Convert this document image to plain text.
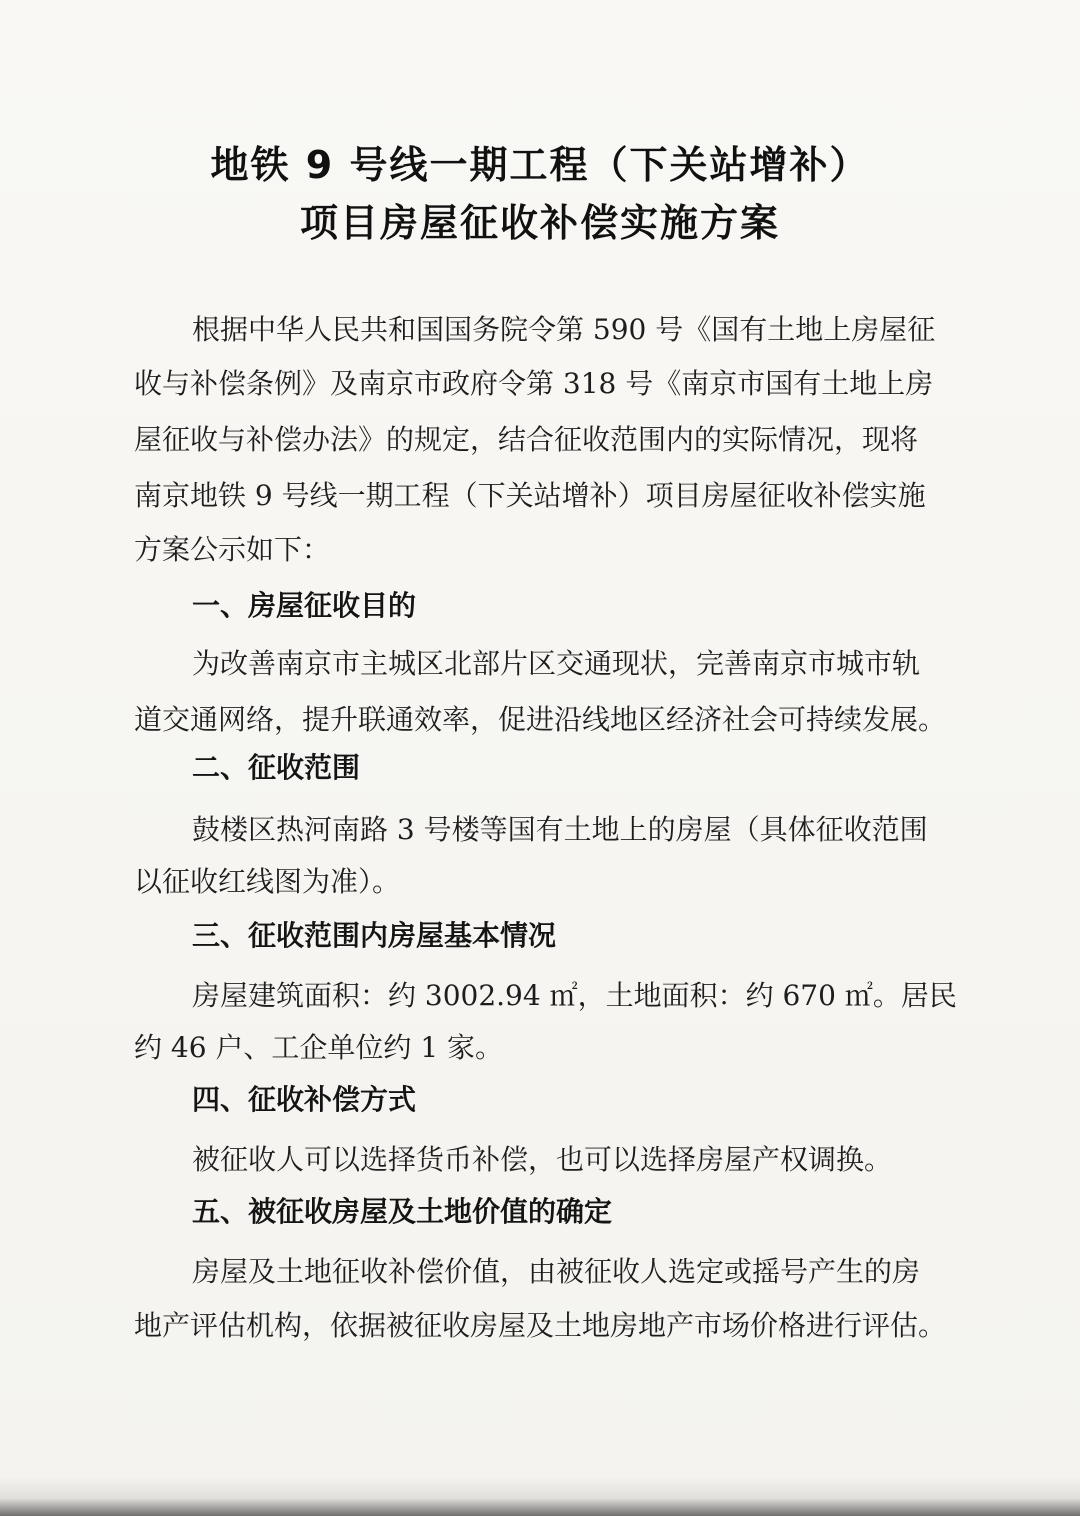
地铁 9 号线一期工程（下关站增补）
项目房屋征收补偿实施方案
根据中华人民共和国国务院令第 590 号《国有土地上房屋征
收与补偿条例》及南京市政府令第 318 号《南京市国有土地上房
屋征收与补偿办法》的规定，结合征收范围内的实际情况，现将
南京地铁 9 号线一期工程（下关站增补）项目房屋征收补偿实施
方案公示如下：
一、房屋征收目的
为改善南京市主城区北部片区交通现状，完善南京市城市轨
道交通网络，提升联通效率，促进沿线地区经济社会可持续发展。
二、征收范围
鼓楼区热河南路 3 号楼等国有土地上的房屋（具体征收范围
以征收红线图为准）。
三、征收范围内房屋基本情况
房屋建筑面积：约 3002.94 ㎡，土地面积：约 670 ㎡。居民
约 46 户、工企单位约 1 家。
四、征收补偿方式
被征收人可以选择货币补偿，也可以选择房屋产权调换。
五、被征收房屋及土地价值的确定
房屋及土地征收补偿价值，由被征收人选定或摇号产生的房
地产评估机构，依据被征收房屋及土地房地产市场价格进行评估。
